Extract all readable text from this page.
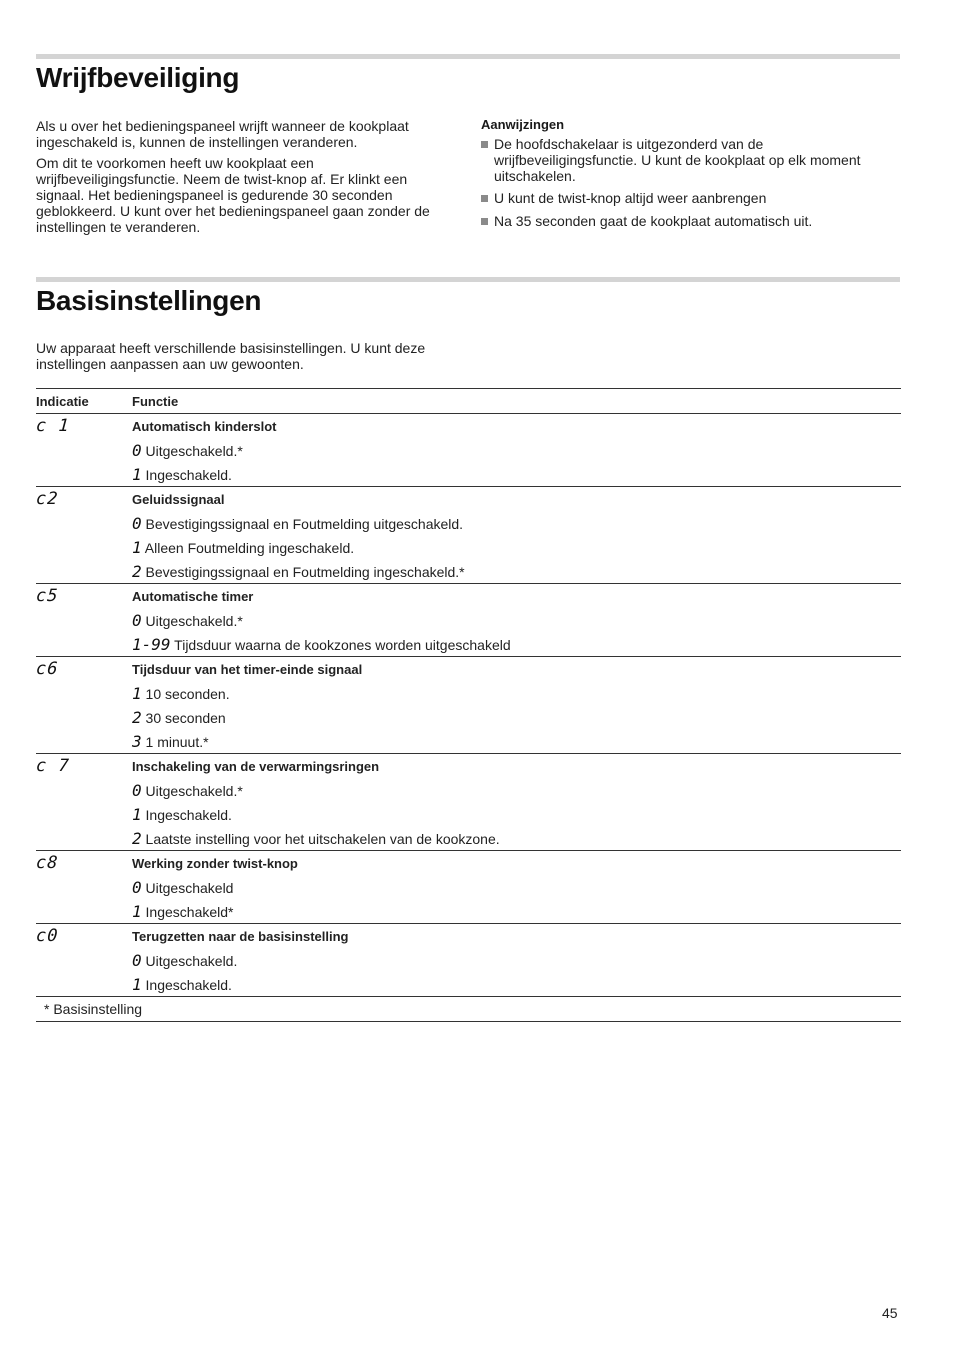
Wrijfbeveiliging

Als u over het bedieningspaneel wrijft wanneer de kookplaat ingeschakeld is, kunnen de instellingen veranderen.

Om dit te voorkomen heeft uw kookplaat een wrijfbeveiligingsfunctie. Neem de twist-knop af. Er klinkt een signaal. Het bedieningspaneel is gedurende 30 seconden geblokkeerd. U kunt over het bedieningspaneel gaan zonder de instellingen te veranderen.

Aanwijzingen
De hoofdschakelaar is uitgezonderd van de wrijfbeveiligingsfunctie. U kunt de kookplaat op elk moment uitschakelen.
U kunt de twist-knop altijd weer aanbrengen
Na 35 seconden gaat de kookplaat automatisch uit.
Basisinstellingen

Uw apparaat heeft verschillende basisinstellingen. U kunt deze instellingen aanpassen aan uw gewoonten.

Indicatie	Functie
c 1	Automatisch kinderslot
	0 Uitgeschakeld.*
	1 Ingeschakeld.
c2	Geluidssignaal
	0 Bevestigingssignaal en Foutmelding uitgeschakeld.
	1 Alleen Foutmelding ingeschakeld.
	2 Bevestigingssignaal en Foutmelding ingeschakeld.*
c5	Automatische timer
	0 Uitgeschakeld.*
	1-99 Tijdsduur waarna de kookzones worden uitgeschakeld
c6	Tijdsduur van het timer-einde signaal
	1 10 seconden.
	2 30 seconden
	3 1 minuut.*
c 7	Inschakeling van de verwarmingsringen
	0 Uitgeschakeld.*
	1 Ingeschakeld.
	2 Laatste instelling voor het uitschakelen van de kookzone.
c8	Werking zonder twist-knop
	0 Uitgeschakeld
	1 Ingeschakeld*
c0	Terugzetten naar de basisinstelling
	0 Uitgeschakeld.
	1 Ingeschakeld.
* Basisinstelling	
45
